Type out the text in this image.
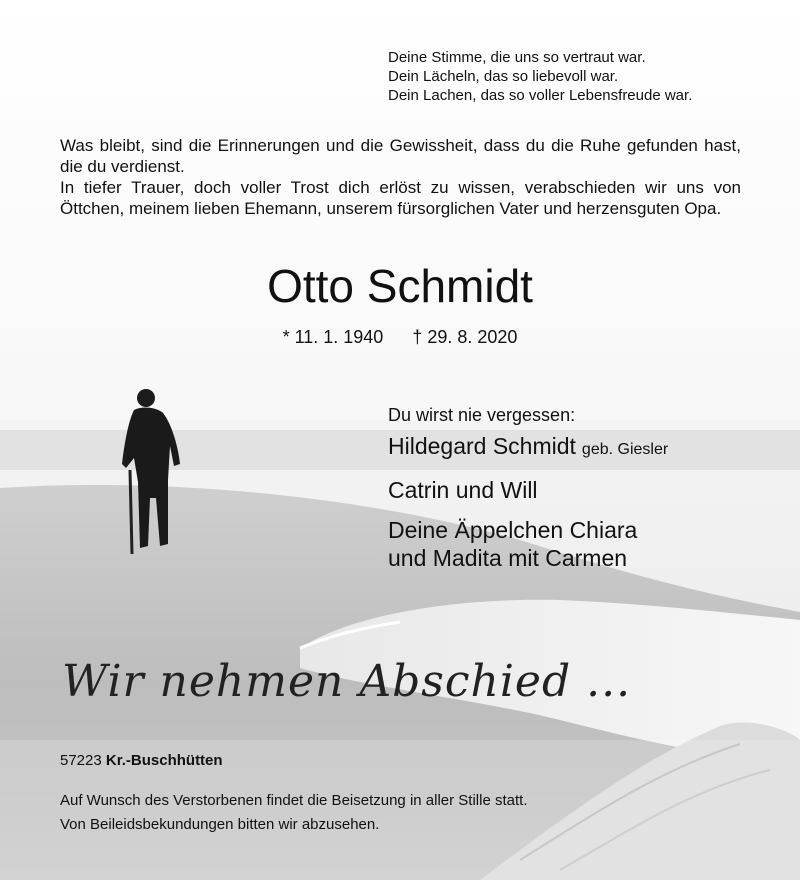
Deine Stimme, die uns so vertraut war.
Dein Lächeln, das so liebevoll war.
Dein Lachen, das so voller Lebensfreude war.

Was bleibt, sind die Erinnerungen und die Gewissheit, dass du die Ruhe gefunden hast, die du verdienst.

In tiefer Trauer, doch voller Trost dich erlöst zu wissen, verabschieden wir uns von Öttchen, meinem lieben Ehemann, unserem fürsorglichen Vater und herzensguten Opa.

Otto Schmidt
* 11. 1. 1940 † 29. 8. 2020
Du wirst nie vergessen:
Hildegard Schmidt geb. Giesler
Catrin und Will
Deine Äppelchen Chiara
und Madita mit Carmen
Wir nehmen Abschied ...
57223 Kr.-Buschhütten
Auf Wunsch des Verstorbenen findet die Beisetzung in aller Stille statt.
Von Beileidsbekundungen bitten wir abzusehen.
